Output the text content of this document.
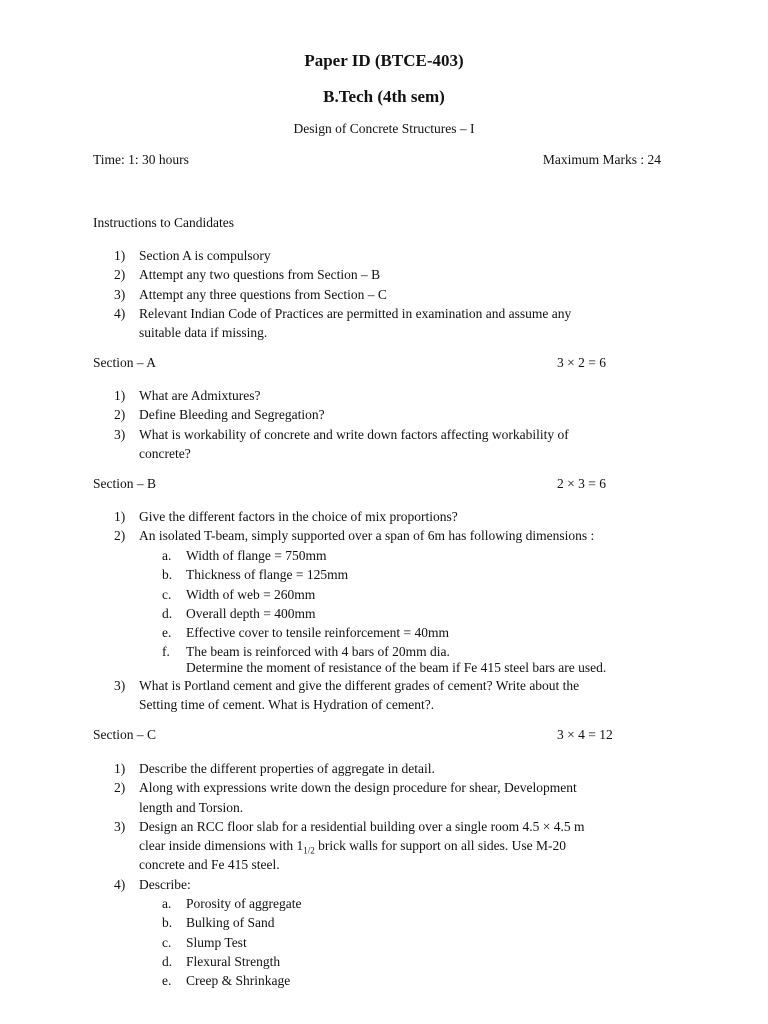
Paper ID (BTCE-403)
B.Tech (4th sem)
Design of Concrete Structures – I
Time: 1: 30 hours	Maximum Marks : 24
Instructions to Candidates
1) Section A is compulsory
2) Attempt any two questions from Section – B
3) Attempt any three questions from Section – C
4) Relevant Indian Code of Practices are permitted in examination and assume any
suitable data if missing.
Section – A	3 × 2 = 6
1) What are Admixtures?
2) Define Bleeding and Segregation?
3) What is workability of concrete and write down factors affecting workability of
concrete?
Section – B	2 × 3 = 6
1) Give the different factors in the choice of mix proportions?
2) An isolated T-beam, simply supported over a span of 6m has following dimensions :
a. Width of flange = 750mm
b. Thickness of flange = 125mm
c. Width of web = 260mm
d. Overall depth = 400mm
e. Effective cover to tensile reinforcement = 40mm
f. The beam is reinforced with 4 bars of 20mm dia.
Determine the moment of resistance of the beam if Fe 415 steel bars are used.
3) What is Portland cement and give the different grades of cement? Write about the
Setting time of cement. What is Hydration of cement?.
Section – C	3 × 4 = 12
1) Describe the different properties of aggregate in detail.
2) Along with expressions write down the design procedure for shear, Development
length and Torsion.
3) Design an RCC floor slab for a residential building over a single room 4.5 × 4.5 m
clear inside dimensions with $1_{1/2}$ brick walls for support on all sides. Use M-20
concrete and Fe 415 steel.
4) Describe:
a. Porosity of aggregate
b. Bulking of Sand
c. Slump Test
d. Flexural Strength
e. Creep & Shrinkage
